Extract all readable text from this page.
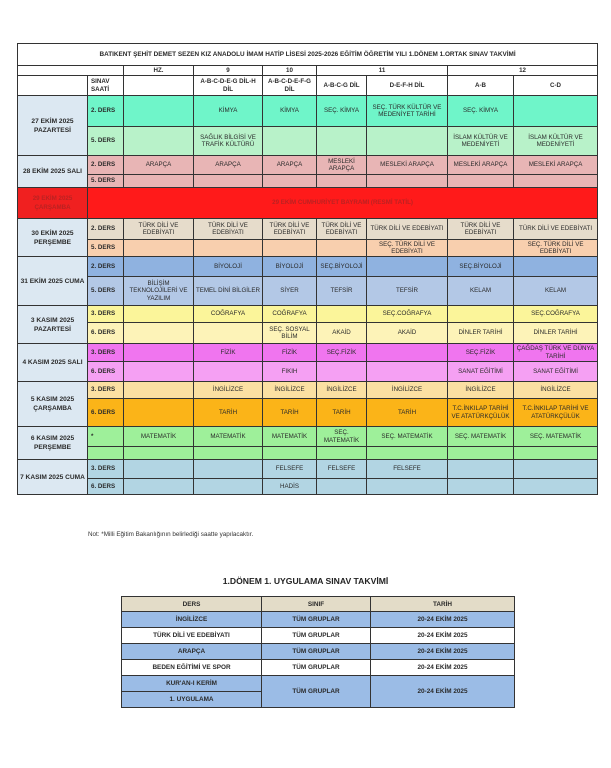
BATIKENT ŞEHİT DEMET SEZEN KIZ ANADOLU İMAM HATİP LİSESİ 2025-2026 EĞİTİM ÖĞRETİM YILI 1.DÖNEM 1.ORTAK SINAV TAKVİMİ								
		HZ.	9	10	11		12	
	SINAV SAATİ		A-B-C-D-E-G DİL-H DİL	A-B-C-D-E-F-G DİL	A-B-C-G DİL	D-E-F-H DİL	A-B	C-D
27 EKİM 2025 PAZARTESİ	2. DERS		KİMYA	KİMYA	SEÇ. KİMYA	SEÇ. TÜRK KÜLTÜR VE MEDENİYET TARİHİ	SEÇ. KİMYA	
	5. DERS		SAĞLIK BİLGİSİ VE TRAFİK KÜLTÜRÜ				İSLAM KÜLTÜR VE MEDENİYETİ	İSLAM KÜLTÜR VE MEDENİYETİ
28 EKİM 2025 SALI	2. DERS	ARAPÇA	ARAPÇA	ARAPÇA	MESLEKİ ARAPÇA	MESLEKİ ARAPÇA	MESLEKİ ARAPÇA	MESLEKİ ARAPÇA
	5. DERS							
29 EKİM 2025 ÇARŞAMBA	29 EKİM CUMHURİYET BAYRAMI (RESMİ TATİL)							
30 EKİM 2025 PERŞEMBE	2. DERS	TÜRK DİLİ VE EDEBİYATI	TÜRK DİLİ VE EDEBİYATI	TÜRK DİLİ VE EDEBİYATI	TÜRK DİLİ VE EDEBİYATI	TÜRK DİLİ VE EDEBİYATI	TÜRK DİLİ VE EDEBİYATI	TÜRK DİLİ VE EDEBİYATI
	5. DERS					SEÇ. TÜRK DİLİ VE EDEBİYATI		SEÇ. TÜRK DİLİ VE EDEBİYATI
31 EKİM 2025 CUMA	2. DERS		BİYOLOJİ	BİYOLOJİ	SEÇ.BİYOLOJİ		SEÇ.BİYOLOJİ	
	5. DERS	BİLİŞİM TEKNOLOJİLERİ VE YAZILIM	TEMEL DİNİ BİLGİLER	SİYER	TEFSİR	TEFSİR	KELAM	KELAM
3 KASIM 2025 PAZARTESİ	3. DERS		COĞRAFYA	COĞRAFYA		SEÇ.COĞRAFYA		SEÇ.COĞRAFYA
	6. DERS			SEÇ. SOSYAL BİLİM	AKAİD	AKAİD	DİNLER TARİHİ	DİNLER TARİHİ
4 KASIM 2025 SALI	3. DERS		FİZİK	FİZİK	SEÇ.FİZİK		SEÇ.FİZİK	ÇAĞDAŞ TÜRK VE DÜNYA TARİHİ
	6. DERS			FIKIH			SANAT EĞİTİMİ	SANAT EĞİTİMİ
5 KASIM 2025 ÇARŞAMBA	3. DERS		İNGİLİZCE	İNGİLİZCE	İNGİLİZCE	İNGİLİZCE	İNGİLİZCE	İNGİLİZCE
	6. DERS		TARİH	TARİH	TARİH	TARİH	T.C.İNKILAP TARİHİ VE ATATÜRKÇÜLÜK	T.C.İNKILAP TARİHİ VE ATATÜRKÇÜLÜK
6 KASIM 2025 PERŞEMBE	*	MATEMATİK	MATEMATİK	MATEMATİK	SEÇ. MATEMATİK	SEÇ. MATEMATİK	SEÇ. MATEMATİK	SEÇ. MATEMATİK

7 KASIM 2025 CUMA	3. DERS			FELSEFE	FELSEFE	FELSEFE		
	6. DERS			HADİS				
Not: *Milli Eğitim Bakanlığının belirlediği saatte yapılacaktır.
1.DÖNEM 1. UYGULAMA SINAV TAKVİMİ
DERS	SINIF	TARİH
İNGİLİZCE	TÜM GRUPLAR	20-24 EKİM 2025
TÜRK DİLİ VE EDEBİYATI	TÜM GRUPLAR	20-24 EKİM 2025
ARAPÇA	TÜM GRUPLAR	20-24 EKİM 2025
BEDEN EĞİTİMİ VE SPOR	TÜM GRUPLAR	20-24 EKİM 2025
KUR'AN-I KERİM	TÜM GRUPLAR	20-24 EKİM 2025
1. UYGULAMA		
